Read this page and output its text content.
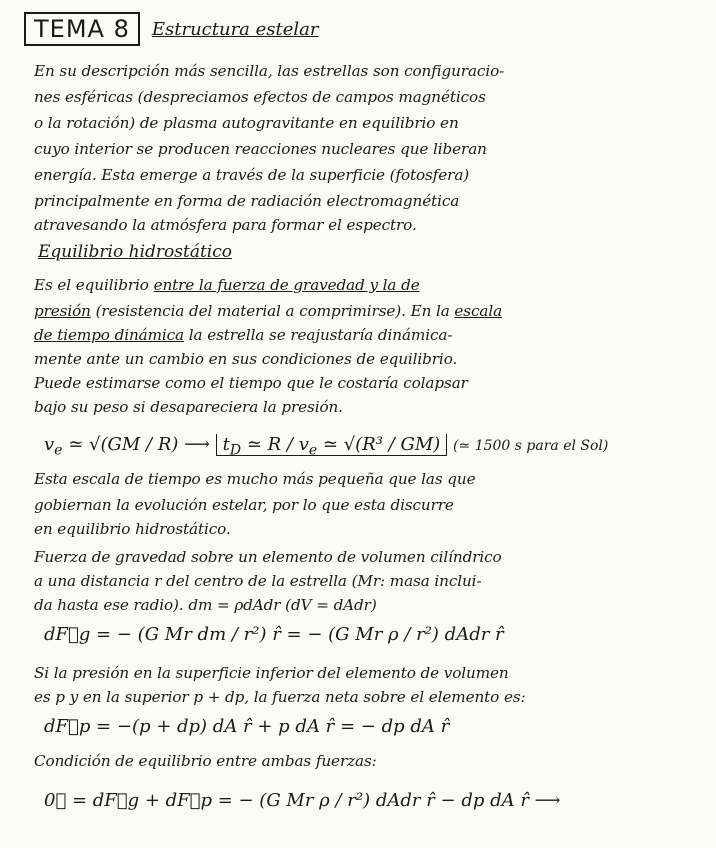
TEMA 8	Estructura estelar
En su descripción más sencilla, las estrellas son configuracio-
nes esféricas (despreciamos efectos de campos magnéticos
o la rotación) de plasma autogravitante en equilibrio en
cuyo interior se producen reacciones nucleares que liberan
energía. Esta emerge a través de la superficie (fotosfera)
principalmente en forma de radiación electromagnética
atravesando la atmósfera para formar el espectro.
Equilibrio hidrostático
Es el equilibrio entre la fuerza de gravedad y la de
presión (resistencia del material a comprimirse). En la escala
de tiempo dinámica la estrella se reajustaría dinámica-
mente ante un cambio en sus condiciones de equilibrio.
Puede estimarse como el tiempo que le costaría colapsar
bajo su peso si desapareciera la presión.
$v_e$ ≃ √(GM / R) ⟶ $t_D$ ≃ R / $v_e$ ≃ √(R³ / GM) (≃ 1500 s para el Sol)
Esta escala de tiempo es mucho más pequeña que las que
gobiernan la evolución estelar, por lo que esta discurre
en equilibrio hidrostático.
Fuerza de gravedad sobre un elemento de volumen cilíndrico
a una distancia r del centro de la estrella (Mr: masa inclui-
da hasta ese radio). dm = ρdAdr (dV = dAdr)
dF⃗g = − (G Mr dm / r²) r̂ = − (G Mr ρ / r²) dAdr r̂
Si la presión en la superficie inferior del elemento de volumen
es p y en la superior p + dp, la fuerza neta sobre el elemento es:
dF⃗p = −(p + dp) dA r̂ + p dA r̂ = − dp dA r̂
Condición de equilibrio entre ambas fuerzas:
0⃗ = dF⃗g + dF⃗p = − (G Mr ρ / r²) dAdr r̂ − dp dA r̂ ⟶
